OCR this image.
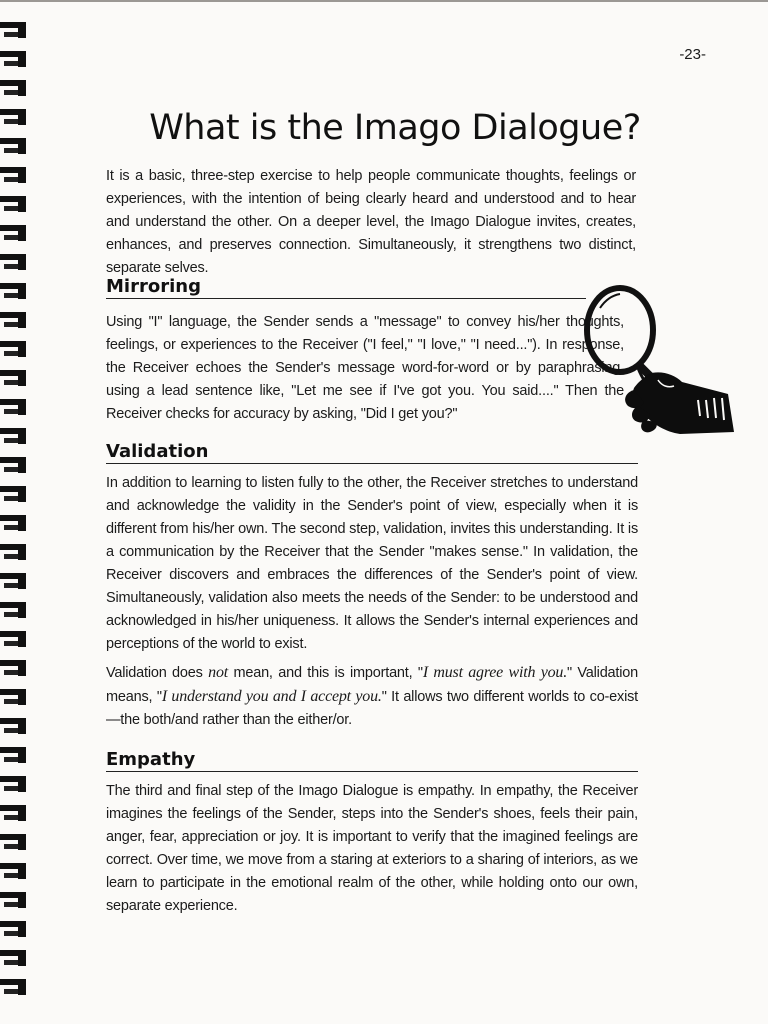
-23-
What is the Imago Dialogue?

It is a basic, three-step exercise to help people communicate thoughts, feelings or experiences, with the intention of being clearly heard and understood and to hear and understand the other. On a deeper level, the Imago Dialogue invites, creates, enhances, and preserves connection. Simultaneously, it strengthens two distinct, separate selves.

Mirroring

Using "I" language, the Sender sends a "message" to convey his/her thoughts, feelings, or experiences to the Receiver ("I feel," "I love," "I need..."). In response, the Receiver echoes the Sender's message word-for-word or by paraphrasing, using a lead sentence like, "Let me see if I've got you. You said...." Then the Receiver checks for accuracy by asking, "Did I get you?"

Validation

In addition to learning to listen fully to the other, the Receiver stretches to understand and acknowledge the validity in the Sender's point of view, especially when it is different from his/her own. The second step, validation, invites this understanding. It is a communication by the Receiver that the Sender "makes sense." In validation, the Receiver discovers and embraces the differences of the Sender's point of view. Simultaneously, validation also meets the needs of the Sender: to be understood and acknowledged in his/her uniqueness. It allows the Sender's internal experiences and perceptions of the world to exist.

Validation does not mean, and this is important, "I must agree with you." Validation means, "I understand you and I accept you." It allows two different worlds to co-exist—the both/and rather than the either/or.

Empathy

The third and final step of the Imago Dialogue is empathy. In empathy, the Receiver imagines the feelings of the Sender, steps into the Sender's shoes, feels their pain, anger, fear, appreciation or joy. It is important to verify that the imagined feelings are correct. Over time, we move from a staring at exteriors to a sharing of interiors, as we learn to participate in the emotional realm of the other, while holding onto our own, separate experience.
